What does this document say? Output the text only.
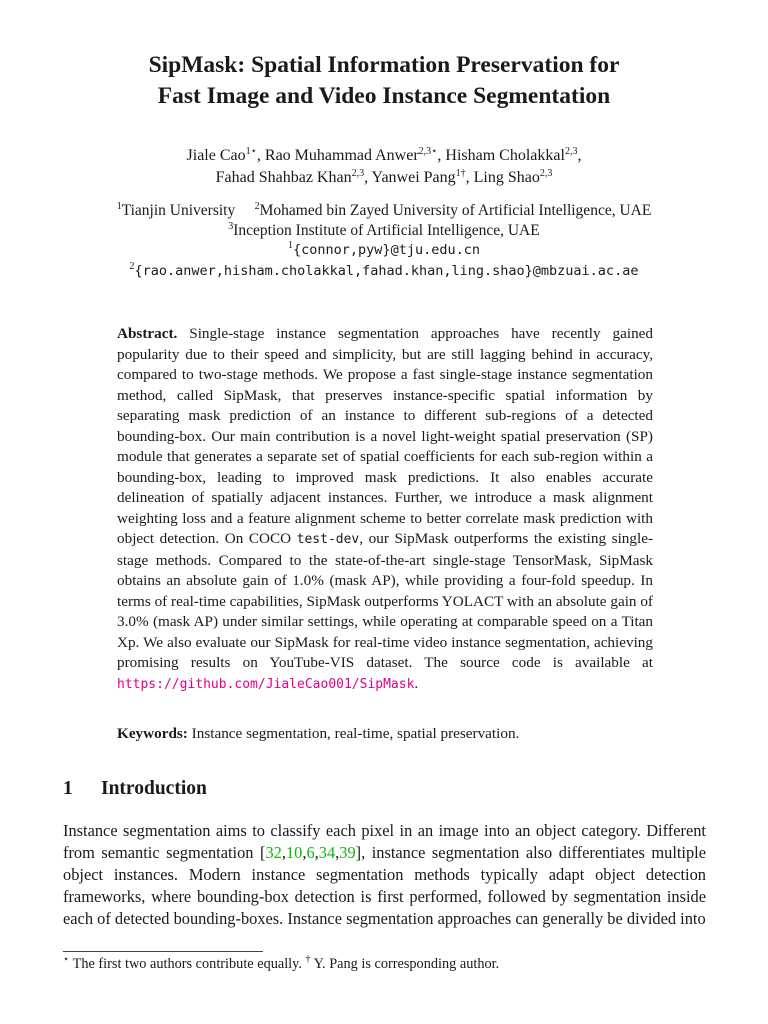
SipMask: Spatial Information Preservation for
Fast Image and Video Instance Segmentation
Jiale Cao$^{1⋆}$, Rao Muhammad Anwer$^{2,3⋆}$, Hisham Cholakkal$^{2,3}$,
Fahad Shahbaz Khan$^{2,3}$, Yanwei Pang$^{1\dagger}$, Ling Shao$^{2,3}$
$^1$Tianjin University $^2$Mohamed bin Zayed University of Artificial Intelligence, UAE
$^3$Inception Institute of Artificial Intelligence, UAE
$^1${connor,pyw}@tju.edu.cn
$^2${rao.anwer,hisham.cholakkal,fahad.khan,ling.shao}@mbzuai.ac.ae
Abstract. Single-stage instance segmentation approaches have recently gained popularity due to their speed and simplicity, but are still lagging behind in accuracy, compared to two-stage methods. We propose a fast single-stage instance segmentation method, called SipMask, that preserves instance-specific spatial information by separating mask prediction of an instance to different sub-regions of a detected bounding-box. Our main contribution is a novel light-weight spatial preservation (SP) module that generates a separate set of spatial coefficients for each sub-region within a bounding-box, leading to improved mask predictions. It also enables accurate delineation of spatially adjacent instances. Further, we introduce a mask alignment weighting loss and a feature alignment scheme to better correlate mask prediction with object detection. On COCO test-dev, our SipMask outperforms the existing single-stage methods. Compared to the state-of-the-art single-stage TensorMask, SipMask obtains an absolute gain of 1.0% (mask AP), while providing a four-fold speedup. In terms of real-time capabilities, SipMask outperforms YOLACT with an absolute gain of 3.0% (mask AP) under similar settings, while operating at comparable speed on a Titan Xp. We also evaluate our SipMask for real-time video instance segmentation, achieving promising results on YouTube-VIS dataset. The source code is available at https://github.com/JialeCao001/SipMask.
Keywords: Instance segmentation, real-time, spatial preservation.
1 Introduction
Instance segmentation aims to classify each pixel in an image into an object category. Different from semantic segmentation [32,10,6,34,39], instance segmentation also differentiates multiple object instances. Modern instance segmentation methods typically adapt object detection frameworks, where bounding-box detection is first performed, followed by segmentation inside each of detected bounding-boxes. Instance segmentation approaches can generally be divided into
⋆ The first two authors contribute equally. † Y. Pang is corresponding author.
